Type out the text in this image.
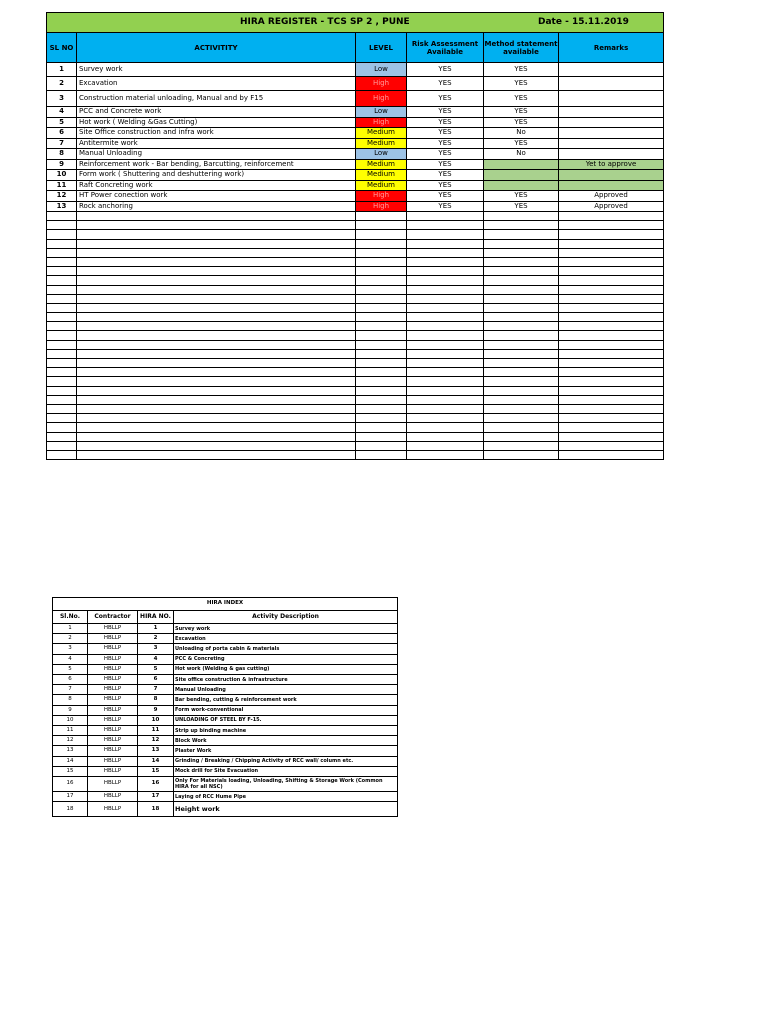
HIRA REGISTER - TCS SP 2 , PUNE Date - 15.11.2019					

SL NO	ACTIVITITY	LEVEL	Risk Assessment Available	Method statement available	Remarks
1	Survey work	Low	YES	YES	
2	Excavation	High	YES	YES	
3	Construction material unloading, Manual and by F15	High	YES	YES	
4	PCC and Concrete work	Low	YES	YES	
5	Hot work ( Welding &Gas Cutting)	High	YES	YES	
6	Site Office construction and infra work	Medium	YES	No	
7	Antitermite work	Medium	YES	YES	
8	Manual Unloading	Low	YES	No	
9	Reinforcement work - Bar bending, Barcutting, reinforcement	Medium	YES		Yet to approve
10	Form work ( Shuttering and deshuttering work)	Medium	YES		
11	Raft Concreting work	Medium	YES		
12	HT Power conection work	High	YES	YES	Approved
13	Rock anchoring	High	YES	YES	Approved

HIRA INDEX			
Sl.No.	Contractor	HIRA NO.	Activity Description
1	HBLLP	1	Survey work
2	HBLLP	2	Excavation
3	HBLLP	3	Unloading of porta cabin & materials
4	HBLLP	4	PCC & Concreting
5	HBLLP	5	Hot work (Welding & gas cutting)
6	HBLLP	6	Site office construction & infrastructure
7	HBLLP	7	Manual Unloading
8	HBLLP	8	Bar bending, cutting & reinforcement work
9	HBLLP	9	Form work-conventional
10	HBLLP	10	UNLOADING OF STEEL BY F-15.
11	HBLLP	11	Strip up binding machine
12	HBLLP	12	Block Work
13	HBLLP	13	Plaster Work
14	HBLLP	14	Grinding / Breaking / Chipping Activity of RCC wall/ column etc.
15	HBLLP	15	Mock drill for Site Evacuation
16	HBLLP	16	Only For Materials loading, Unloading, Shifting & Storage Work (Common HIRA for all NSC)
17	HBLLP	17	Laying of RCC Hume Pipe
18	HBLLP	18	Height work
